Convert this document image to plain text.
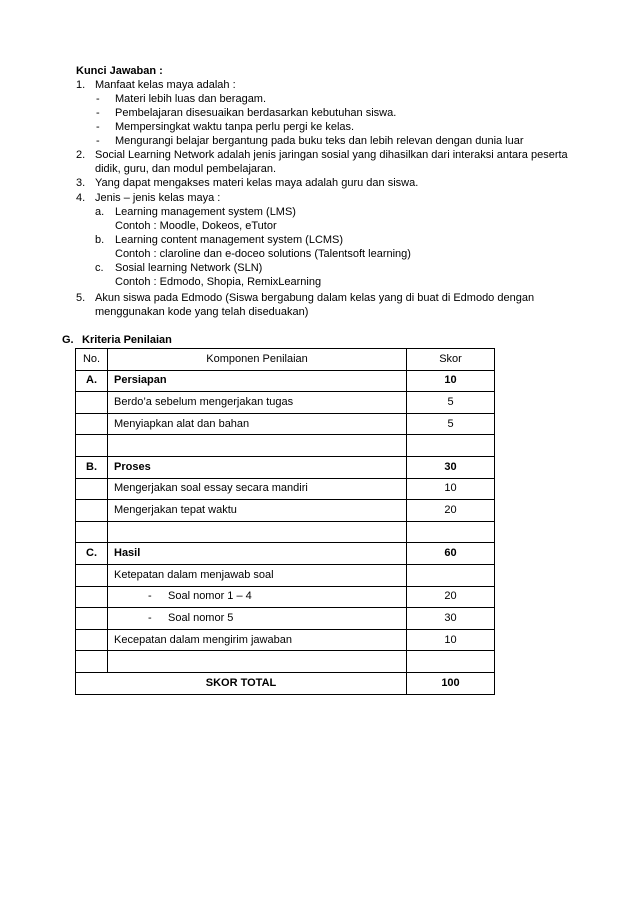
Kunci Jawaban :
1. Manfaat kelas maya adalah :
- Materi lebih luas dan beragam.
- Pembelajaran disesuaikan berdasarkan kebutuhan siswa.
- Mempersingkat waktu tanpa perlu pergi ke kelas.
- Mengurangi belajar bergantung pada buku teks dan lebih relevan dengan dunia luar
2. Social Learning Network adalah jenis jaringan sosial yang dihasilkan dari interaksi antara peserta
didik, guru, dan modul pembelajaran.
3. Yang dapat mengakses materi kelas maya adalah guru dan siswa.
4. Jenis – jenis kelas maya :
a. Learning management system (LMS)
Contoh : Moodle, Dokeos, eTutor
b. Learning content management system (LCMS)
Contoh : claroline dan e-doceo solutions (Talentsoft learning)
c. Sosial learning Network (SLN)
Contoh : Edmodo, Shopia, RemixLearning
5. Akun siswa pada Edmodo (Siswa bergabung dalam kelas yang di buat di Edmodo dengan
menggunakan kode yang telah diseduakan)
G. Kriteria Penilaian
No.	Komponen Penilaian	Skor
A.	Persiapan	10
	Berdo’a sebelum mengerjakan tugas	5
	Menyiapkan alat dan bahan	5

B.	Proses	30
	Mengerjakan soal essay secara mandiri	10
	Mengerjakan tepat waktu	20

C.	Hasil	60
	Ketepatan dalam menjawab soal	

	- Soal nomor 1 – 4	20

	- Soal nomor 5	30
	Kecepatan dalam mengirim jawaban	10

SKOR TOTAL		100
